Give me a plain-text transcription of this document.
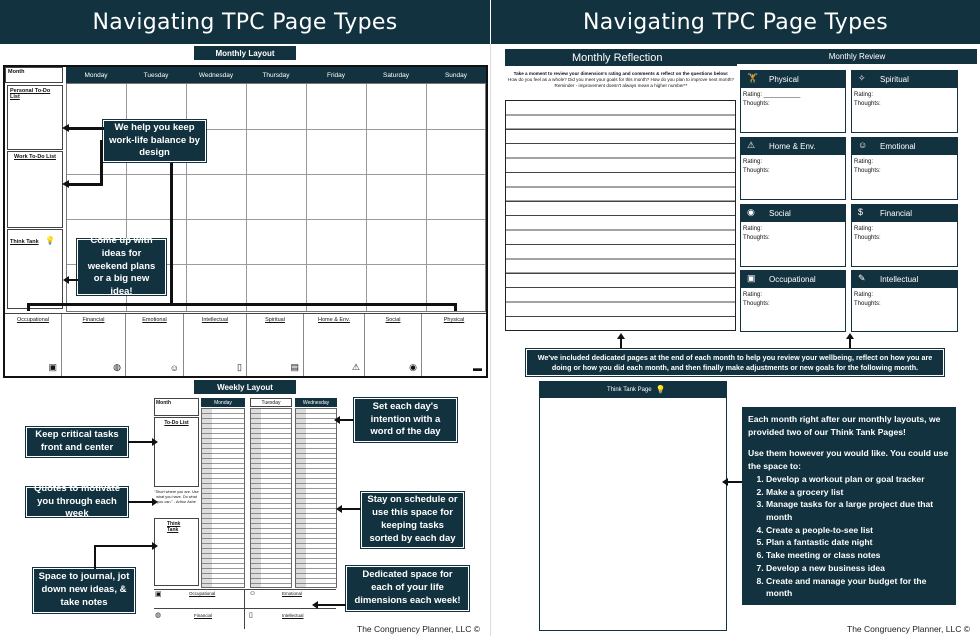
Navigating TPC Page Types	Navigating TPC Page Types
Monthly Layout
Month
Personal To-Do List
Work To-Do List
Think Tank 💡
Monday	Tuesday	Wednesday	Thursday	Friday	Saturday	Sunday
Occupational
▣
Financial
◍
Emotional
☺
Intellectual
▯
Spiritual
▤
Home & Env.
⚠
Social
◉
Physical
▬
We help you keep work-life balance by design
Come up with ideas for weekend plans or a big new idea!
Weekly Layout
Month
To-Do List
"Short where you are. Use what you have. Do what you can." - Arthur Ashe
Think Tank
Monday	Tuesday	Wednesday
Occupational	Emotional
Financial	Intellectual
▣
◍
☺
▯
Keep critical tasks front and center
Quotes to motivate you through each week
Space to journal, jot down new ideas, & take notes
Set each day's intention with a word of the day
Stay on schedule or use this space for keeping tasks sorted by each day
Dedicated space for each of your life dimensions each week!
The Congruency Planner, LLC ©
Monthly Reflection	Monthly Review
Take a moment to review your dimension's rating and comments & reflect on the questions below:
How do you feel as a whole? Did you meet your goals for this month? How do you plan to improve next month?
Reminder - improvement doesn't always mean a higher number**
🏋 Physical
Rating: ___________
Thoughts:
✧ Spiritual
Rating:
Thoughts:
⚠ Home & Env.
Rating:
Thoughts:
☺ Emotional
Rating:
Thoughts:
◉ Social
Rating:
Thoughts:
$ Financial
Rating:
Thoughts:
▣ Occupational
Rating:
Thoughts:
✎ Intellectual
Rating:
Thoughts:
We've included dedicated pages at the end of each month to help you review your wellbeing, reflect on how you are doing or how you did each month, and then finally make adjustments or new goals for the following month.
Think Tank Page 💡
Each month right after our monthly layouts, we provided two of our Think Tank Pages!
Use them however you would like. You could use the space to:
1. Develop a workout plan or goal tracker
2. Make a grocery list
3. Manage tasks for a large project due that month
4. Create a people-to-see list
5. Plan a fantastic date night
6. Take meeting or class notes
7. Develop a new business idea
8. Create and manage your budget for the month
The Congruency Planner, LLC ©
